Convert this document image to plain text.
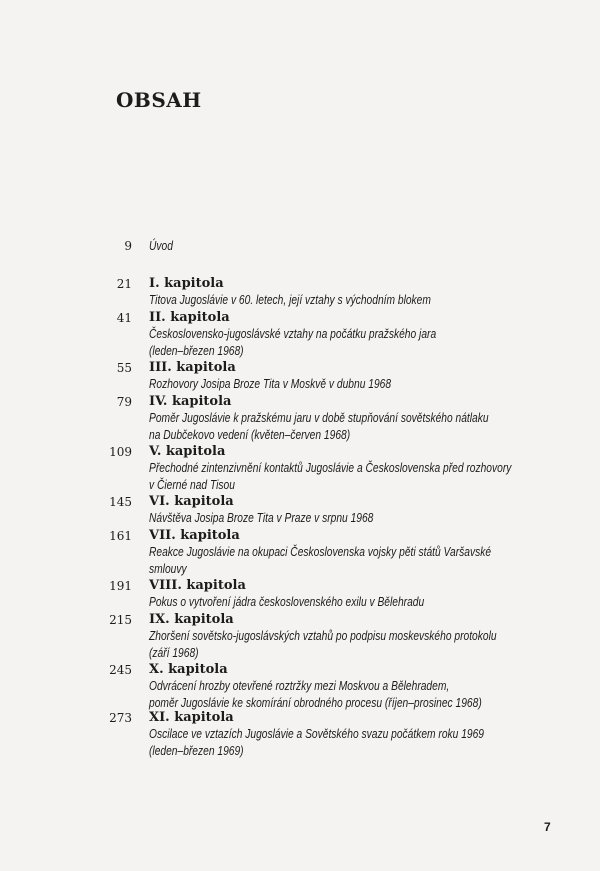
OBSAH
9 Úvod
21 I. kapitola
Titova Jugoslávie v 60. letech, její vztahy s východním blokem
41 II. kapitola
Československo-jugoslávské vztahy na počátku pražského jara
(leden–březen 1968)
55 III. kapitola
Rozhovory Josipa Broze Tita v Moskvě v dubnu 1968
79 IV. kapitola
Poměr Jugoslávie k pražskému jaru v době stupňování sovětského nátlaku
na Dubčekovo vedení (květen–červen 1968)
109 V. kapitola
Přechodné zintenzivnění kontaktů Jugoslávie a Československa před rozhovory
v Čierné nad Tisou
145 VI. kapitola
Návštěva Josipa Broze Tita v Praze v srpnu 1968
161 VII. kapitola
Reakce Jugoslávie na okupaci Československa vojsky pěti států Varšavské
smlouvy
191 VIII. kapitola
Pokus o vytvoření jádra československého exilu v Bělehradu
215 IX. kapitola
Zhoršení sovětsko-jugoslávských vztahů po podpisu moskevského protokolu
(září 1968)
245 X. kapitola
Odvrácení hrozby otevřené roztržky mezi Moskvou a Bělehradem,
poměr Jugoslávie ke skomírání obrodného procesu (říjen–prosinec 1968)
273 XI. kapitola
Oscilace ve vztazích Jugoslávie a Sovětského svazu počátkem roku 1969
(leden–březen 1969)
7
